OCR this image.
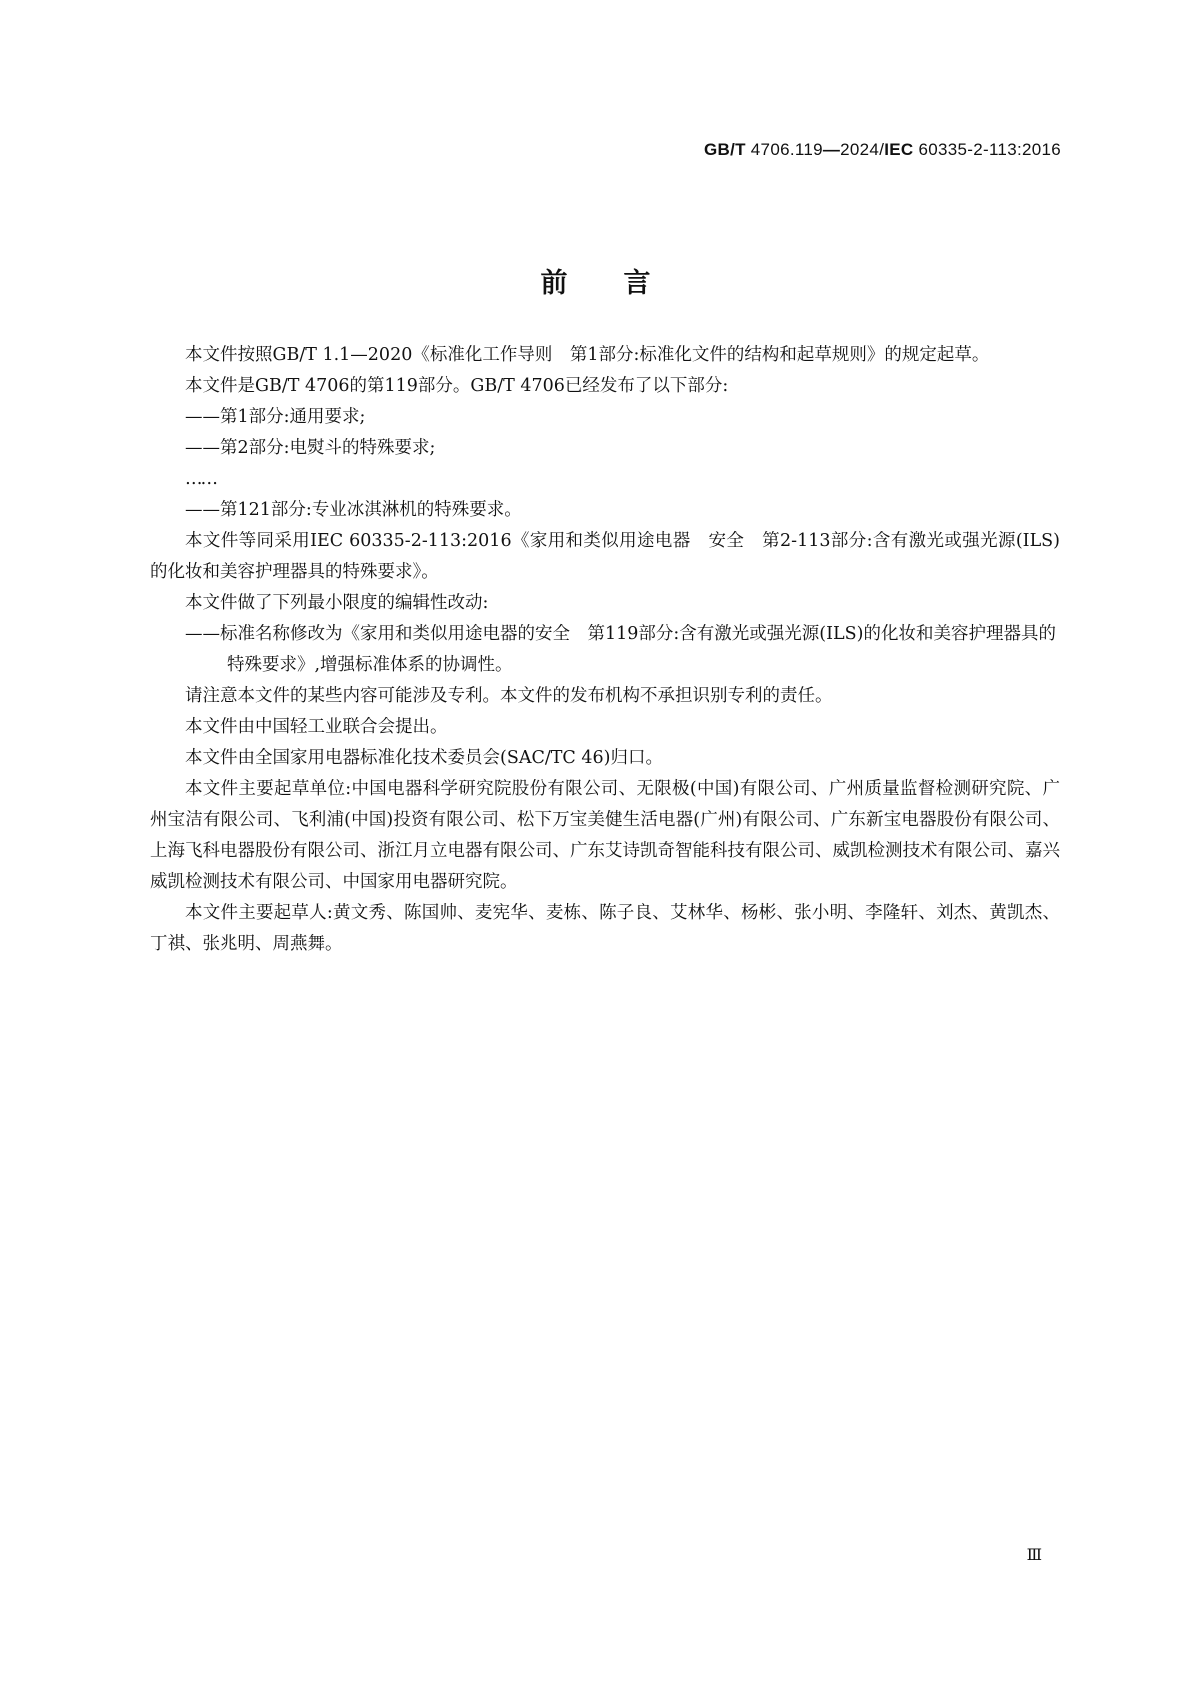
GB/T 4706.119—2024/IEC 60335-2-113:2016
前言

本文件按照GB/T 1.1—2020《标准化工作导则　第1部分:标准化文件的结构和起草规则》的规定起草。

本文件是GB/T 4706的第119部分。GB/T 4706已经发布了以下部分:

——第1部分:通用要求;

——第2部分:电熨斗的特殊要求;

……

——第121部分:专业冰淇淋机的特殊要求。

本文件等同采用IEC 60335-2-113:2016《家用和类似用途电器　安全　第2-113部分:含有激光或强光源(ILS)的化妆和美容护理器具的特殊要求》。

本文件做了下列最小限度的编辑性改动:

——标准名称修改为《家用和类似用途电器的安全　第119部分:含有激光或强光源(ILS)的化妆和美容护理器具的特殊要求》,增强标准体系的协调性。

请注意本文件的某些内容可能涉及专利。本文件的发布机构不承担识别专利的责任。

本文件由中国轻工业联合会提出。

本文件由全国家用电器标准化技术委员会(SAC/TC 46)归口。

本文件主要起草单位:中国电器科学研究院股份有限公司、无限极(中国)有限公司、广州质量监督检测研究院、广州宝洁有限公司、飞利浦(中国)投资有限公司、松下万宝美健生活电器(广州)有限公司、广东新宝电器股份有限公司、上海飞科电器股份有限公司、浙江月立电器有限公司、广东艾诗凯奇智能科技有限公司、威凯检测技术有限公司、嘉兴威凯检测技术有限公司、中国家用电器研究院。

本文件主要起草人:黄文秀、陈国帅、麦宪华、麦栋、陈子良、艾林华、杨彬、张小明、李隆轩、刘杰、黄凯杰、丁祺、张兆明、周燕舞。

Ⅲ
